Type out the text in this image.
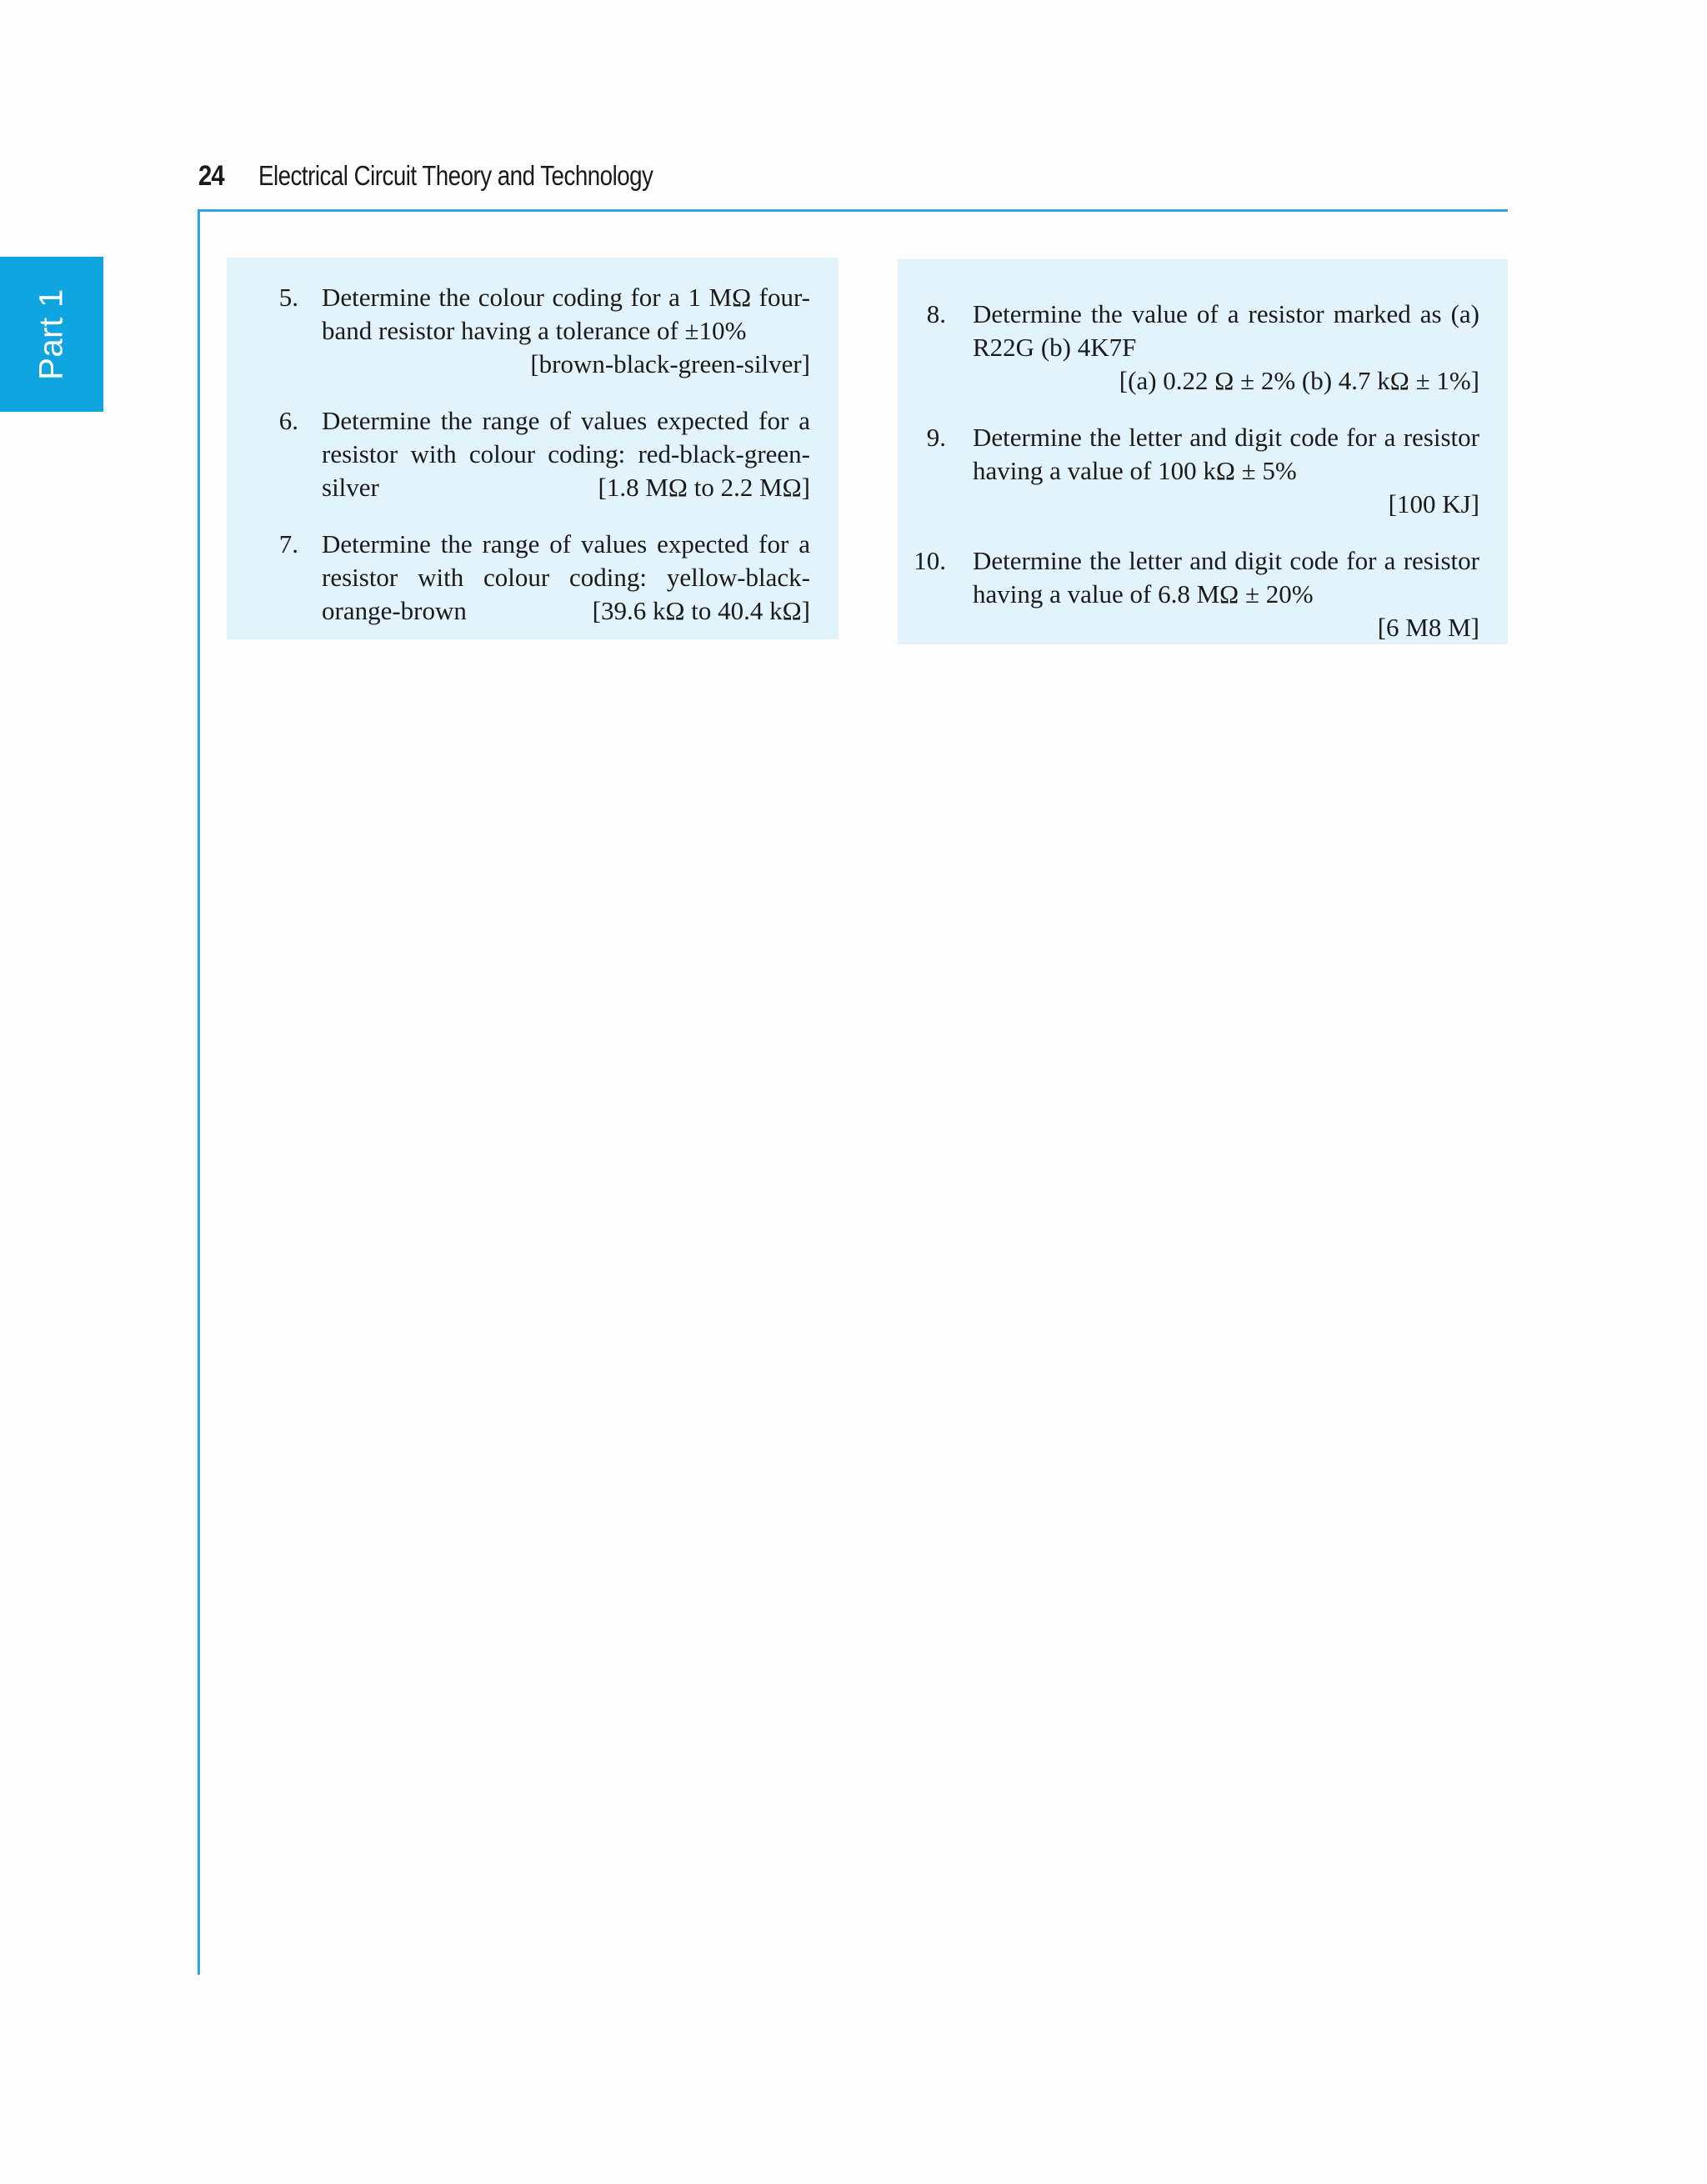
24	Electrical Circuit Theory and Technology
Part 1	5. Determine the colour coding for a 1 MΩ four-band resistor having a tolerance of ±10%
[brown-black-green-silver]
6. Determine the range of values expected for a resistor with colour coding: red-black-green-silver	[1.8 MΩ to 2.2 MΩ]
7. Determine the range of values expected for a resistor with colour coding: yellow-black-orange-brown	[39.6 kΩ to 40.4 kΩ]
8.	Determine the value of a resistor marked as (a) R22G (b) 4K7F
[(a) 0.22 Ω ± 2% (b) 4.7 kΩ ± 1%]
9.	Determine the letter and digit code for a resistor having a value of 100 kΩ ± 5%
[100 KJ]
10.	Determine the letter and digit code for a resistor having a value of 6.8 MΩ ± 20%
[6 M8 M]
